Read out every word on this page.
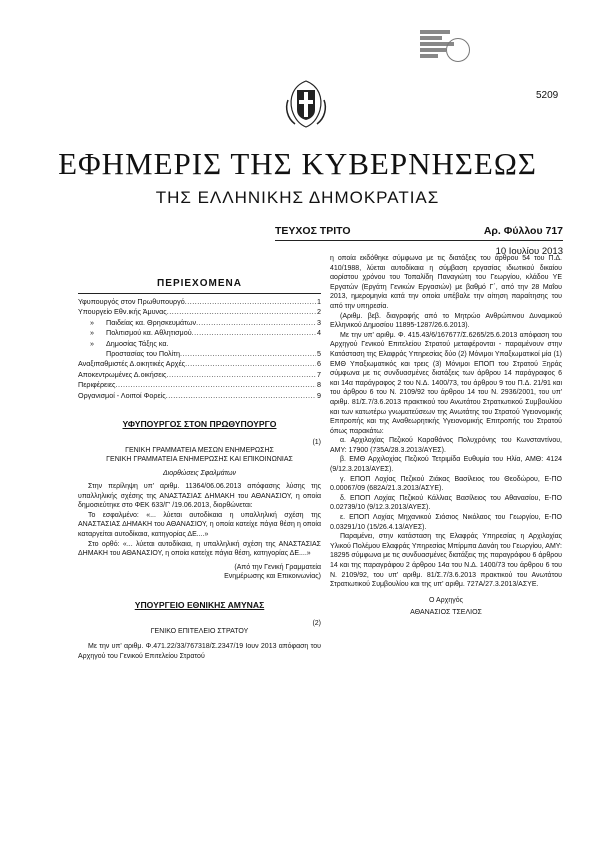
5209
ΕΦΗΜΕΡΙΣ ΤΗΣ ΚΥΒΕΡΝΗΣΕΩΣ
ΤΗΣ ΕΛΛΗΝΙΚΗΣ ΔΗΜΟΚΡΑΤΙΑΣ
ΤΕΥΧΟΣ ΤΡΙΤΟ	Αρ. Φύλλου 717
10 Ιουλίου 2013
ΠΕΡΙΕΧΟΜΕΝΑ
Υφυπουργός στον Πρωθυπουργό .....	1
Υπουργείο Εθν.ικής Άμυνας .....	2
» Παιδείας κα. Θρησκευμάτων .....	3
» Πολιτισμού κα. Αθλητισμού .....	4
» Δημοσίας Τάξης κα.
Προστασίας του Πολίτη .....	5
Αναξιπαθμιστές Δ.οικητικές Αρχές .....	6
Αποκεντρωμένες Δ.οικήσεις .....	7
Περιφέρειες .....	8
Οργανισμοί - Λοιποί Φορείς .....	9
ΥΦΥΠΟΥΡΓΟΣ ΣΤΟΝ ΠΡΩΘΥΠΟΥΡΓΟ
(1)
ΓΕΝΙΚΗ ΓΡΑΜΜΑΤΕΙΑ ΜΕΣΩΝ ΕΝΗΜΕΡΩΣΗΣ
ΓΕΝΙΚΗ ΓΡΑΜΜΑΤΕΙΑ ΕΝΗΜΕΡΩΣΗΣ ΚΑΙ ΕΠΙΚΟΙΝΩΝΙΑΣ
Διορθώσεις Σφαλμάτων

Στην περίληψη υπ' αριθμ. 11364/06.06.2013 απόφασης λύσης της υπαλληλικής σχέσης της ΑΝΑΣΤΑΣΙΑΣ ΔΗΜΑΚΗ του ΑΘΑΝΑΣΙΟΥ, η οποία δημοσιεύτηκε στο ΦΕΚ 633/Γ' /19.06.2013, διορθώνεται:

Το εσφαλμένο: «... λύεται αυτοδίκαια η υπαλληλική σχέση της ΑΝΑΣΤΑΣΙΑΣ ΔΗΜΑΚΗ του ΑΘΑΝΑΣΙΟΥ, η οποία κατείχε πάγια θέση η οποία καταργείται αυτοδίκαια, κατηγορίας ΔΕ....»

Στο ορθό: «... λύεται αυτοδίκαια, η υπαλληλική σχέση της ΑΝΑΣΤΑΣΙΑΣ ΔΗΜΑΚΗ του ΑΘΑΝΑΣΙΟΥ, η οποία κατείχε πάγια θέση, κατηγορίας ΔΕ....»

(Από την Γενική Γραμματεία
Ενημέρωσης και Επικοινωνίας)
ΥΠΟΥΡΓΕΙΟ ΕΘΝΙΚΗΣ ΑΜΥΝΑΣ
(2)
ΓΕΝΙΚΟ ΕΠΙΤΕΛΕΙΟ ΣΤΡΑΤΟΥ

Με την υπ' αριθμ. Φ.471.22/33/767318/Σ.2347/19 Ιουν 2013 απόφαση του Αρχηγού του Γενικού Επιτελείου Στρατού

η οποία εκδόθηκε σύμφωνα με τις διατάξεις του άρθρου 54 του Π.Δ. 410/1988, λύεται αυτοδίκαια η σύμβαση εργασίας ιδιωτικού δικαίου αορίστου χρόνου του Τοπαλίδη Παναγιώτη του Γεωργίου, κλάδου ΥΕ Εργατών (Εργάτη Γενικών Εργασιών) με βαθμό Γ΄, από την 28 Μαΐου 2013, ημερομηνία κατά την οποία υπέβαλε την αίτηση παραίτησης του από την υπηρεσία.

(Αριθμ. βεβ. διαγραφής από το Μητρώο Ανθρώπινου Δυναμικού Ελληνικού Δημοσίου 11895-1287/26.6.2013).

Με την υπ' αριθμ. Φ. 415.43/6/167677/Σ.6265/25.6.2013 απόφαση του Αρχηγού Γενικού Επιτελείου Στρατού μεταφέρονται - παραμένουν στην Κατάσταση της Ελαφράς Υπηρεσίας δύο (2) Μόνιμοι Υπαξιωματικοί μία (1) ΕΜΘ Υπαξιωματικός και τρεις (3) Μόνιμοι ΕΠΟΠ του Στρατού Ξηράς σύμφωνα με τις συνδυασμένες διατάξεις των άρθρου 14 παράγραφος 6 και 14α παράγραφος 2 του Ν.Δ. 1400/73, του άρθρου 9 του Π.Δ. 21/91 και του άρθρου 6 του Ν. 2109/92 του άρθρου 14 του Ν. 2936/2001, του υπ' αριθμ. 81/Σ.7/3.6.2013 πρακτικού του Ανωτάτου Στρατιωτικού Συμβουλίου και των κατωτέρω γνωματεύσεων της Ανωτάτης του Στρατού Υγειονομικής Επιτροπής και της Αναθεωρητικής Υγειονομικής Επιτροπής του Στρατού όπως παρακάτω:

α. Αρχιλοχίας Πεζικού Καραθάνος Πολυχρόνης του Κωνσταντίνου, ΑΜΥ: 17900 (735Α/28.3.2013/ΑΥΕΣ).

β. ΕΜΘ Αρχιλοχίας Πεζικού Τετριμίδα Ευθυμία του Ηλία, ΑΜΘ: 4124 (9/12.3.2013/ΑΥΕΣ).

γ. ΕΠΟΠ Λοχίας Πεζικού Ζιάκας Βασίλειος του Θεοδώρου, Ε-ΠΟ 0.00067/09 (682Α/21.3.2013/ΑΣΥΕ).

δ. ΕΠΟΠ Λοχίας Πεζικού Κάλλιας Βασίλειος του Αθανασίου, Ε-ΠΟ 0.02739/10 (9/12.3.2013/ΑΥΕΣ).

ε. ΕΠΟΠ Λοχίας Μηχανικού Σιάσιος Νικόλαος του Γεωργίου, Ε-ΠΟ 0.03291/10 (15/26.4.13/ΑΥΕΣ).

Παραμένει, στην κατάσταση της Ελαφράς Υπηρεσίας η Αρχιλοχίας Υλικού Πολέμου Ελαφράς Υπηρεσίας Μπίρμπα Δανάη του Γεωργίου, ΑΜΥ: 18295 σύμφωνα με τις συνδυασμένες διατάξεις της παραγράφου 6 άρθρου 14 και της παραγράφου 2 άρθρου 14α του Ν.Δ. 1400/73 του άρθρου 6 του Ν. 2109/92, του υπ' αριθμ. 81/Σ.7/3.6.2013 πρακτικού του Ανωτάτου Στρατιωτικού Συμβουλίου και της υπ' αριθμ. 727Α/27.3.2013/ΑΣΥΕ.

Ο Αρχηγός
ΑΘΑΝΑΣΙΟΣ ΤΣΕΛΙΟΣ
